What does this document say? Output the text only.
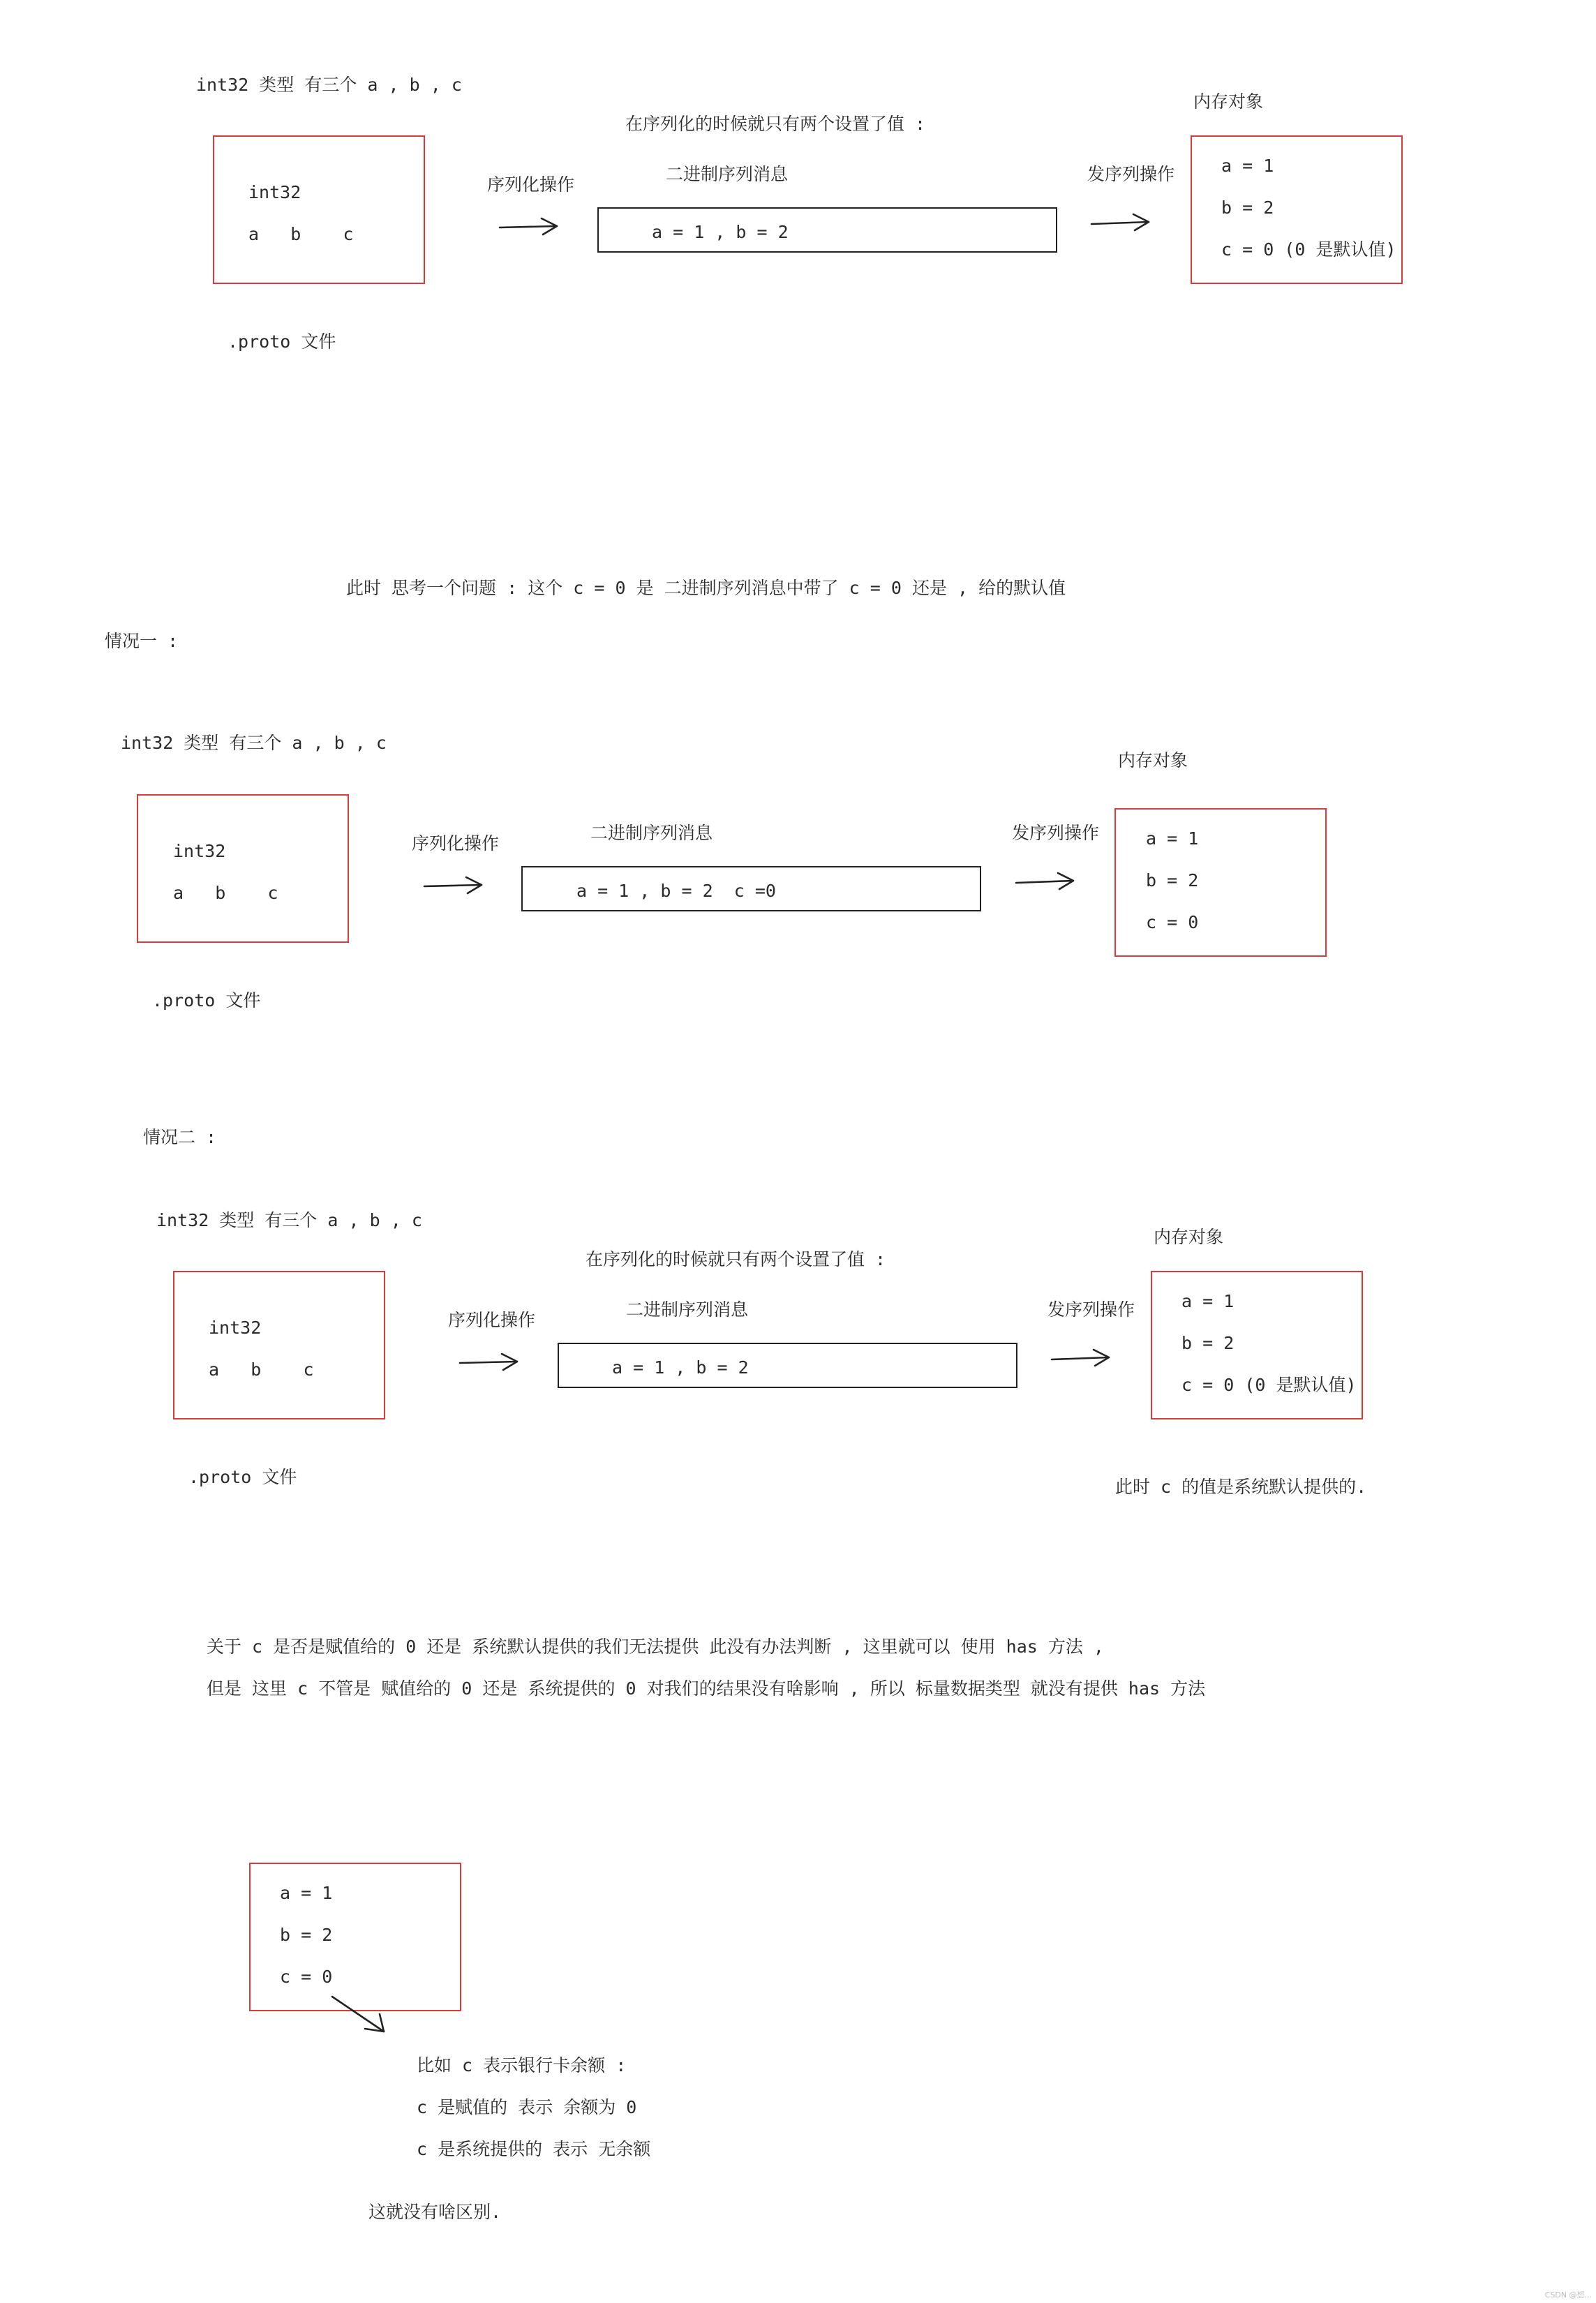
int32 类型 有三个 a , b , c
在序列化的时候就只有两个设置了值 :
内存对象
int32
a   b    c
序列化操作
二进制序列消息
a = 1 , b = 2
发序列操作	a = 1
b = 2
c = 0 (0 是默认值)
.proto 文件
此时 思考一个问题 : 这个 c = 0 是 二进制序列消息中带了 c = 0 还是 , 给的默认值
情况一 :
int32 类型 有三个 a , b , c
内存对象
int32
a   b    c
序列化操作
二进制序列消息
a = 1 , b = 2  c =0
发序列操作	a = 1
b = 2
c = 0
.proto 文件
情况二 :
int32 类型 有三个 a , b , c
在序列化的时候就只有两个设置了值 :
内存对象
int32
a   b    c
序列化操作
二进制序列消息
a = 1 , b = 2
发序列操作	a = 1
b = 2
c = 0 (0 是默认值)
.proto 文件	此时 c 的值是系统默认提供的.
关于 c 是否是赋值给的 0 还是 系统默认提供的我们无法提供 此没有办法判断 , 这里就可以 使用 has 方法 ,
但是 这里 c 不管是 赋值给的 0 还是 系统提供的 0 对我们的结果没有啥影响 , 所以 标量数据类型 就没有提供 has 方法
a = 1
b = 2
c = 0
比如 c 表示银行卡余额 :
c 是赋值的 表示 余额为 0
c 是系统提供的 表示 无余额
这就没有啥区别.
CSDN @想...
